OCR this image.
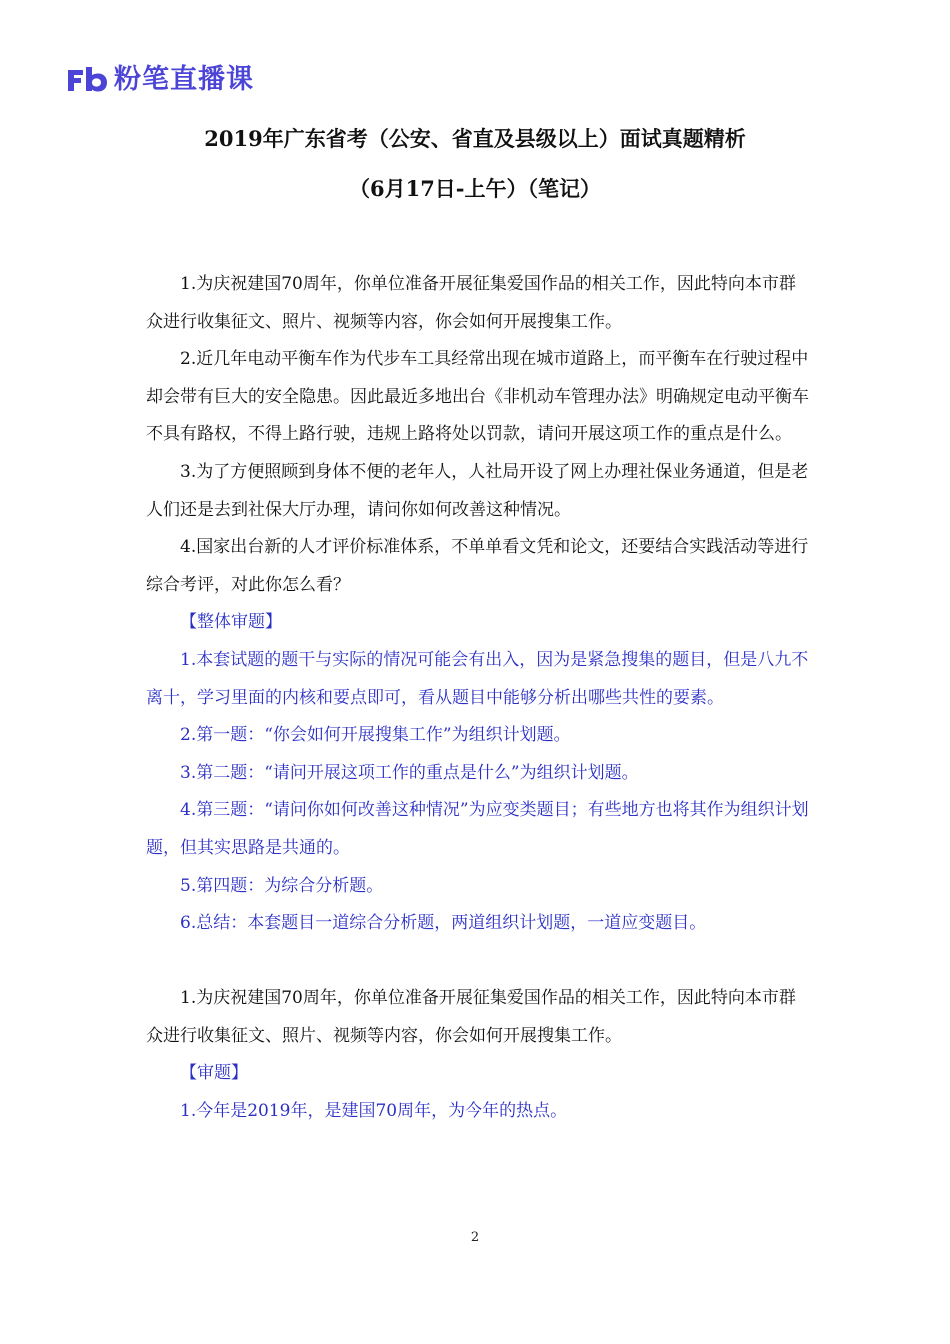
粉笔直播课
2019年广东省考（公安、省直及县级以上）面试真题精析
（6月17日-上午）（笔记）

1.为庆祝建国70周年，你单位准备开展征集爱国作品的相关工作，因此特向本市群众进行收集征文、照片、视频等内容，你会如何开展搜集工作。

2.近几年电动平衡车作为代步车工具经常出现在城市道路上，而平衡车在行驶过程中却会带有巨大的安全隐患。因此最近多地出台《非机动车管理办法》明确规定电动平衡车不具有路权，不得上路行驶，违规上路将处以罚款，请问开展这项工作的重点是什么。

3.为了方便照顾到身体不便的老年人，人社局开设了网上办理社保业务通道，但是老人们还是去到社保大厅办理，请问你如何改善这种情况。

4.国家出台新的人才评价标准体系，不单单看文凭和论文，还要结合实践活动等进行综合考评，对此你怎么看？

【整体审题】

1.本套试题的题干与实际的情况可能会有出入，因为是紧急搜集的题目，但是八九不离十，学习里面的内核和要点即可，看从题目中能够分析出哪些共性的要素。

2.第一题：“你会如何开展搜集工作”为组织计划题。

3.第二题：“请问开展这项工作的重点是什么”为组织计划题。

4.第三题：“请问你如何改善这种情况”为应变类题目；有些地方也将其作为组织计划题，但其实思路是共通的。

5.第四题：为综合分析题。

6.总结：本套题目一道综合分析题，两道组织计划题，一道应变题目。

1.为庆祝建国70周年，你单位准备开展征集爱国作品的相关工作，因此特向本市群众进行收集征文、照片、视频等内容，你会如何开展搜集工作。

【审题】

1.今年是2019年，是建国70周年，为今年的热点。

2
